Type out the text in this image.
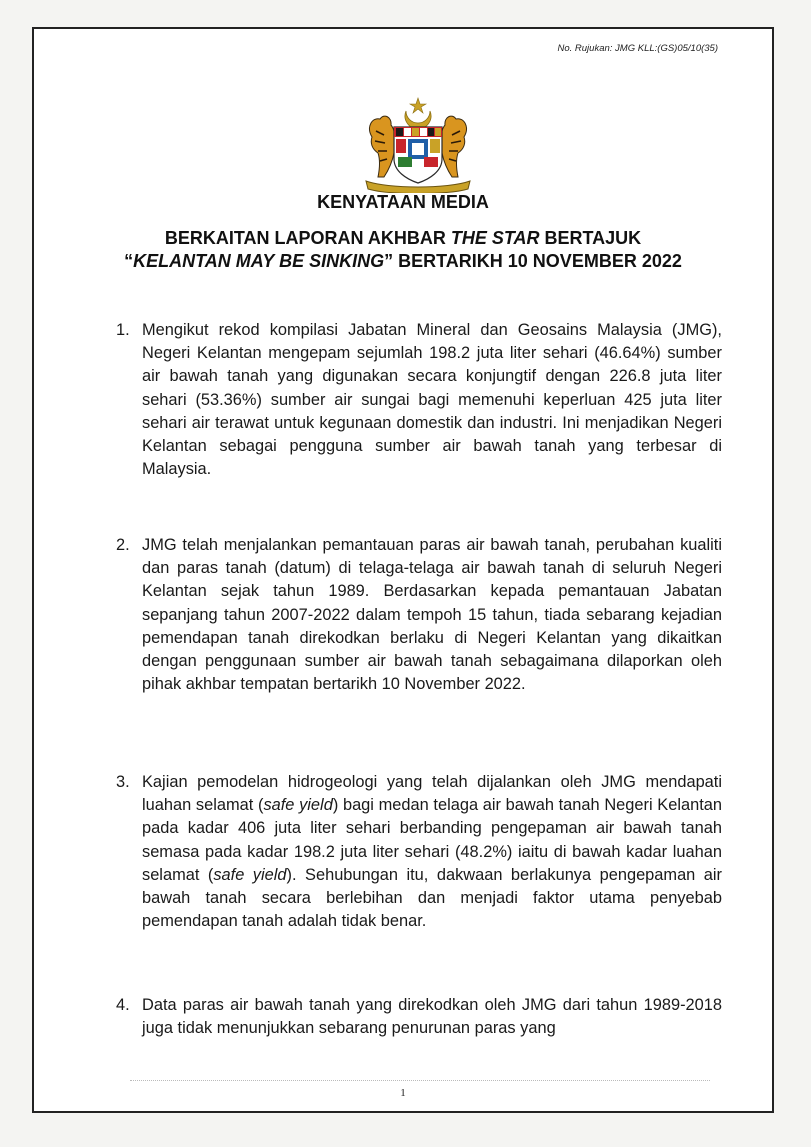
No. Rujukan: JMG KLL:(GS)05/10(35)
KENYATAAN MEDIA
BERKAITAN LAPORAN AKHBAR THE STAR BERTAJUK
“KELANTAN MAY BE SINKING” BERTARIKH 10 NOVEMBER 2022
1. Mengikut rekod kompilasi Jabatan Mineral dan Geosains Malaysia (JMG), Negeri Kelantan mengepam sejumlah 198.2 juta liter sehari (46.64%) sumber air bawah tanah yang digunakan secara konjungtif dengan 226.8 juta liter sehari (53.36%) sumber air sungai bagi memenuhi keperluan 425 juta liter sehari air terawat untuk kegunaan domestik dan industri. Ini menjadikan Negeri Kelantan sebagai pengguna sumber air bawah tanah yang terbesar di Malaysia.
2. JMG telah menjalankan pemantauan paras air bawah tanah, perubahan kualiti dan paras tanah (datum) di telaga-telaga air bawah tanah di seluruh Negeri Kelantan sejak tahun 1989. Berdasarkan kepada pemantauan Jabatan sepanjang tahun 2007-2022 dalam tempoh 15 tahun, tiada sebarang kejadian pemendapan tanah direkodkan berlaku di Negeri Kelantan yang dikaitkan dengan penggunaan sumber air bawah tanah sebagaimana dilaporkan oleh pihak akhbar tempatan bertarikh 10 November 2022.
3. Kajian pemodelan hidrogeologi yang telah dijalankan oleh JMG mendapati luahan selamat (safe yield) bagi medan telaga air bawah tanah Negeri Kelantan pada kadar 406 juta liter sehari berbanding pengepaman air bawah tanah semasa pada kadar 198.2 juta liter sehari (48.2%) iaitu di bawah kadar luahan selamat (safe yield). Sehubungan itu, dakwaan berlakunya pengepaman air bawah tanah secara berlebihan dan menjadi faktor utama penyebab pemendapan tanah adalah tidak benar.
4. Data paras air bawah tanah yang direkodkan oleh JMG dari tahun 1989-2018 juga tidak menunjukkan sebarang penurunan paras yang
1
